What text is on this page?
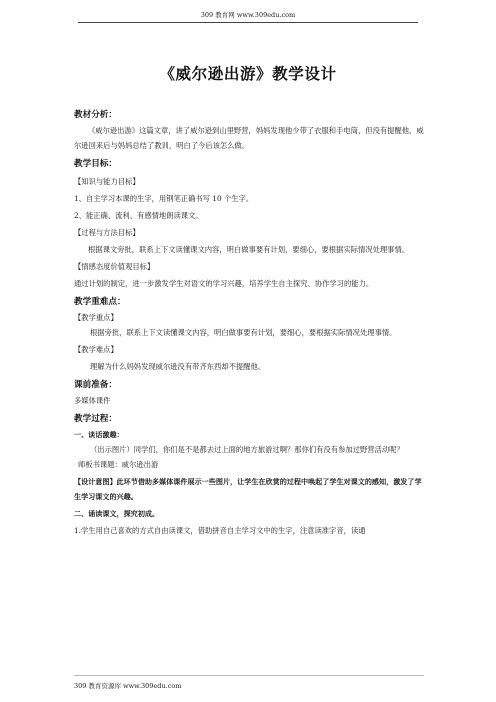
309 教育网 www.309edu.com
《威尔逊出游》教学设计

教材分析：

《威尔逊出游》这篇文章，讲了威尔逊到山里野营，妈妈发现他少带了衣服和手电筒，但没有提醒他，威尔逊回来后与妈妈总结了教训，明白了今后该怎么做。

教学目标：

【知识与能力目标】

1、自主学习本课的生字，用钢笔正确书写 10 个生字。

2、能正确、流利、有感情地朗读课文。

【过程与方法目标】

根据课文旁批，联系上下文读懂课文内容，明白做事要有计划，要细心，要根据实际情况处理事情。

【情感态度价值观目标】

通过计划的制定，进一步激发学生对语文的学习兴趣，培养学生自主探究、协作学习的能力。

教学重难点：

【教学重点】

根据旁批，联系上下文读懂课文内容，明白做事要有计划，要细心，要根据实际情况处理事情。

【教学难点】

理解为什么妈妈发现威尔逊没有带齐东西却不提醒他。

课前准备：

多媒体课件

教学过程：

一、谈话激趣：

（出示图片）同学们，你们是不是都去过上面的地方旅游过啊？那你们有没有参加过野营活动呢？

师板书课题：威尔逊出游

【设计意图】此环节借助多媒体课件展示一些图片，让学生在欣赏的过程中唤起了学生对课文的感知，激发了学生学习课文的兴趣。

二、诵读课文，探究初成。

1.学生用自己喜欢的方式自由读课文，借助拼音自主学习文中的生字，注意读准字音，读通

309 教育资源库 www.309edu.com
